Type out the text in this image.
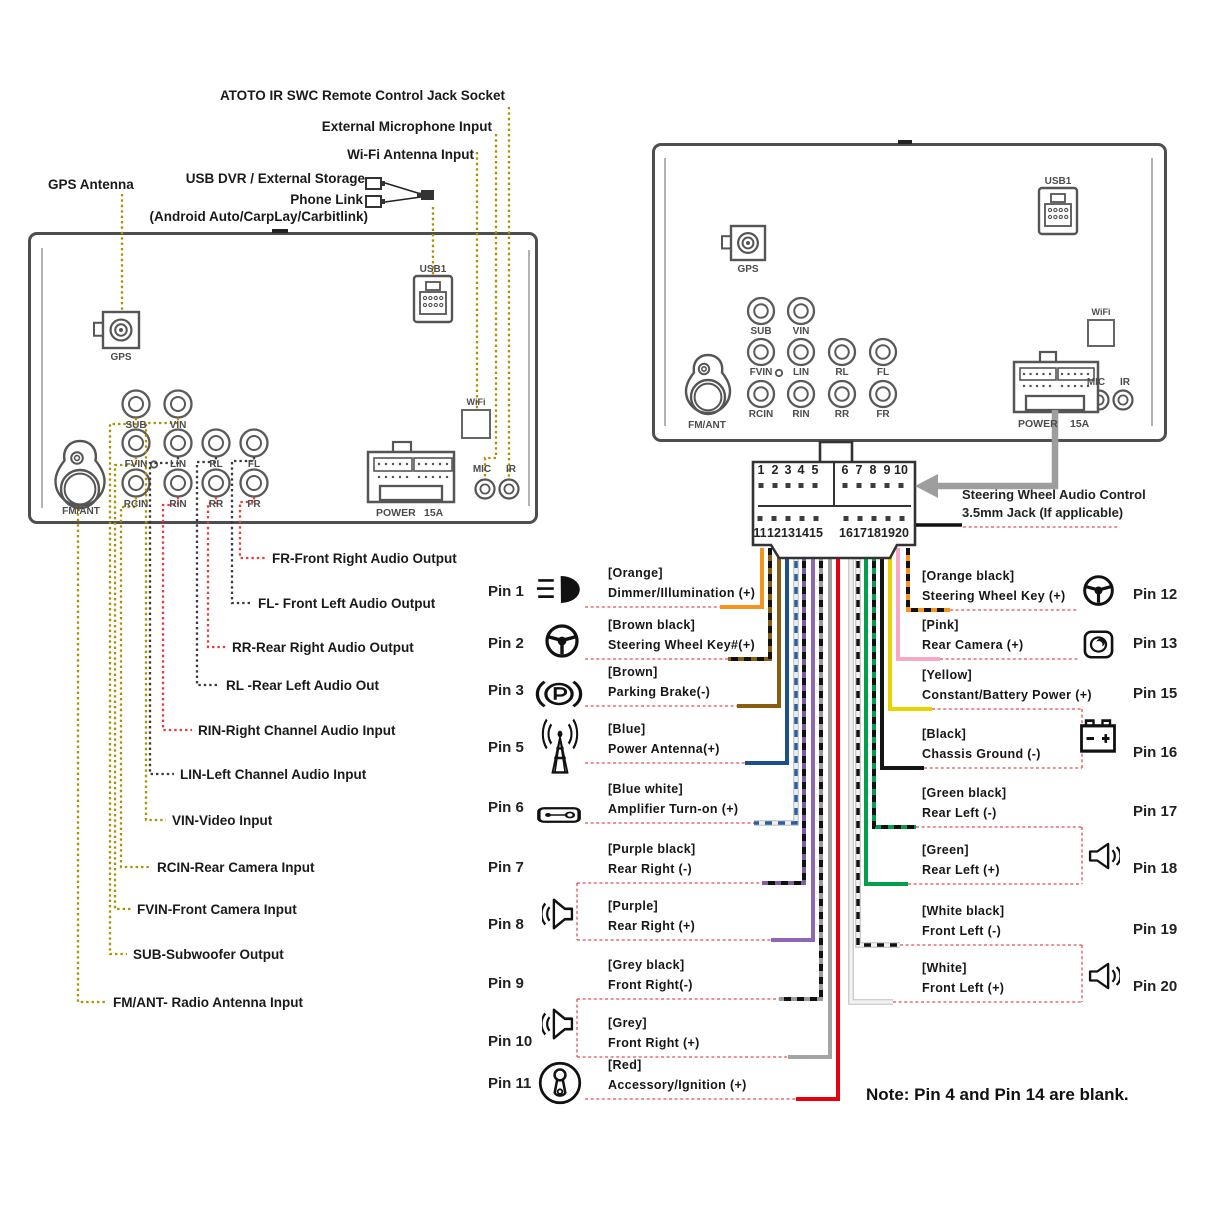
ATOTO IR SWC Remote Control Jack Socket
External Microphone Input
Wi-Fi Antenna Input
USB DVR / External Storage
Phone Link
(Android Auto/CarpLay/Carbitlink)
GPS Antenna
GPS
USB1
WiFi
MIC IR
POWER 15A
FM/ANT
SUB VIN
FVIN LIN RL	FL
RCIN RIN RR FR
GPS
USB1
WiFi
MIC IR
POWER 15A
FM/ANT
SUB VIN
FVIN LIN	RL	FL
RCIN RIN	RR	FR
FR-Front Right Audio Output
FL- Front Left Audio Output
RR-Rear Right Audio Output
RL -Rear Left Audio Out
RIN-Right Channel Audio Input
LIN-Left Channel Audio Input
VIN-Video Input
RCIN-Rear Camera Input
FVIN-Front Camera Input
SUB-Subwoofer Output
FM/ANT- Radio Antenna Input
1 2 3 4 5 6 7 8 9 10
11 12 13 14 15 16 17 18 19 20
Steering Wheel Audio Control
3.5mm Jack (If applicable)
Pin 1
[Orange]
Dimmer/Illumination (+)
Pin 2
[Brown black]
Steering Wheel Key#(+)
Pin 3
[Brown]
Parking Brake(-)
Pin 5
[Blue]
Power Antenna(+)
Pin 6
[Blue white]
Amplifier Turn-on (+)
Pin 7
[Purple black]
Rear Right (-)
Pin 8
[Purple]
Rear Right (+)
Pin 9
[Grey black]
Front Right(-)
Pin 10
[Grey]
Front Right (+)
Pin 11
[Red]
Accessory/Ignition (+)
Pin 12
[Orange black]
Steering Wheel Key (+)
Pin 13
[Pink]
Rear Camera (+)
Pin 15
[Yellow]
Constant/Battery Power (+)
Pin 16
[Black]
Chassis Ground (-)
Pin 17
[Green black]
Rear Left (-)
Pin 18
[Green]
Rear Left (+)
Pin 19
[White black]
Front Left (-)
Pin 20
[White]
Front Left (+)
Note: Pin 4 and Pin 14 are blank.
